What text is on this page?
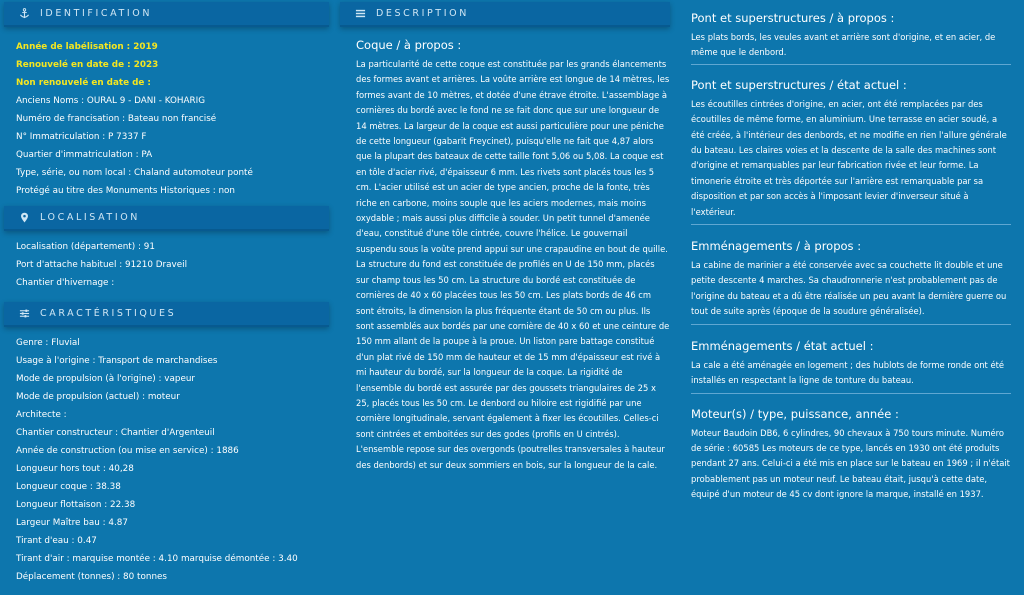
IDENTIFICATION
Année de labélisation : 2019
Renouvelé en date de : 2023
Non renouvelé en date de :
Anciens Noms : OURAL 9 - DANI - KOHARIG
Numéro de francisation : Bateau non francisé
N° Immatriculation : P 7337 F
Quartier d'immatriculation : PA
Type, série, ou nom local : Chaland automoteur ponté
Protégé au titre des Monuments Historiques : non
LOCALISATION
Localisation (département) : 91
Port d'attache habituel : 91210 Draveil
Chantier d'hivernage :
CARACTÉRISTIQUES
Genre : Fluvial
Usage à l'origine : Transport de marchandises
Mode de propulsion (à l'origine) : vapeur
Mode de propulsion (actuel) : moteur
Architecte :
Chantier constructeur : Chantier d'Argenteuil
Année de construction (ou mise en service) : 1886
Longueur hors tout : 40,28
Longueur coque : 38.38
Longueur flottaison : 22.38
Largeur Maître bau : 4.87
Tirant d'eau : 0.47
Tirant d'air : marquise montée : 4.10 marquise démontée : 3.40
Déplacement (tonnes) : 80 tonnes
DESCRIPTION
Coque / à propos :
La particularité de cette coque est constituée par les grands élancements des formes avant et arrières. La voûte arrière est longue de 14 mètres, les formes avant de 10 mètres, et dotée d'une étrave étroite. L'assemblage à cornières du bordé avec le fond ne se fait donc que sur une longueur de 14 mètres. La largeur de la coque est aussi particulière pour une péniche de cette longueur (gabarit Freycinet), puisqu'elle ne fait que 4,87 alors que la plupart des bateaux de cette taille font 5,06 ou 5,08. La coque est en tôle d'acier rivé, d'épaisseur 6 mm. Les rivets sont placés tous les 5 cm. L'acier utilisé est un acier de type ancien, proche de la fonte, très riche en carbone, moins souple que les aciers modernes, mais moins oxydable ; mais aussi plus difficile à souder. Un petit tunnel d'amenée d'eau, constitué d'une tôle cintrée, couvre l'hélice. Le gouvernail suspendu sous la voûte prend appui sur une crapaudine en bout de quille. La structure du fond est constituée de profilés en U de 150 mm, placés sur champ tous les 50 cm. La structure du bordé est constituée de cornières de 40 x 60 placées tous les 50 cm. Les plats bords de 46 cm sont étroits, la dimension la plus fréquente étant de 50 cm ou plus. Ils sont assemblés aux bordés par une cornière de 40 x 60 et une ceinture de 150 mm allant de la poupe à la proue. Un liston pare battage constitué d'un plat rivé de 150 mm de hauteur et de 15 mm d'épaisseur est rivé à mi hauteur du bordé, sur la longueur de la coque. La rigidité de l'ensemble du bordé est assurée par des goussets triangulaires de 25 x 25, placés tous les 50 cm. Le denbord ou hiloire est rigidifié par une cornière longitudinale, servant également à fixer les écoutilles. Celles-ci sont cintrées et emboitées sur des godes (profils en U cintrés). L'ensemble repose sur des overgonds (poutrelles transversales à hauteur des denbords) et sur deux sommiers en bois, sur la longueur de la cale.
Pont et superstructures / à propos :
Les plats bords, les veules avant et arrière sont d'origine, et en acier, de même que le denbord.
Pont et superstructures / état actuel :
Les écoutilles cintrées d'origine, en acier, ont été remplacées par des écoutilles de même forme, en aluminium. Une terrasse en acier soudé, a été créée, à l'intérieur des denbords, et ne modifie en rien l'allure générale du bateau. Les claires voies et la descente de la salle des machines sont d'origine et remarquables par leur fabrication rivée et leur forme. La timonerie étroite et très déportée sur l'arrière est remarquable par sa disposition et par son accès à l'imposant levier d'inverseur situé à l'extérieur.
Emménagements / à propos :
La cabine de marinier a été conservée avec sa couchette lit double et une petite descente 4 marches. Sa chaudronnerie n'est probablement pas de l'origine du bateau et a dû être réalisée un peu avant la dernière guerre ou tout de suite après (époque de la soudure généralisée).
Emménagements / état actuel :
La cale a été aménagée en logement ; des hublots de forme ronde ont été installés en respectant la ligne de tonture du bateau.
Moteur(s) / type, puissance, année :
Moteur Baudoin DB6, 6 cylindres, 90 chevaux à 750 tours minute. Numéro de série : 60585 Les moteurs de ce type, lancés en 1930 ont été produits pendant 27 ans. Celui-ci a été mis en place sur le bateau en 1969 ; il n'était probablement pas un moteur neuf. Le bateau était, jusqu'à cette date, équipé d'un moteur de 45 cv dont ignore la marque, installé en 1937.
